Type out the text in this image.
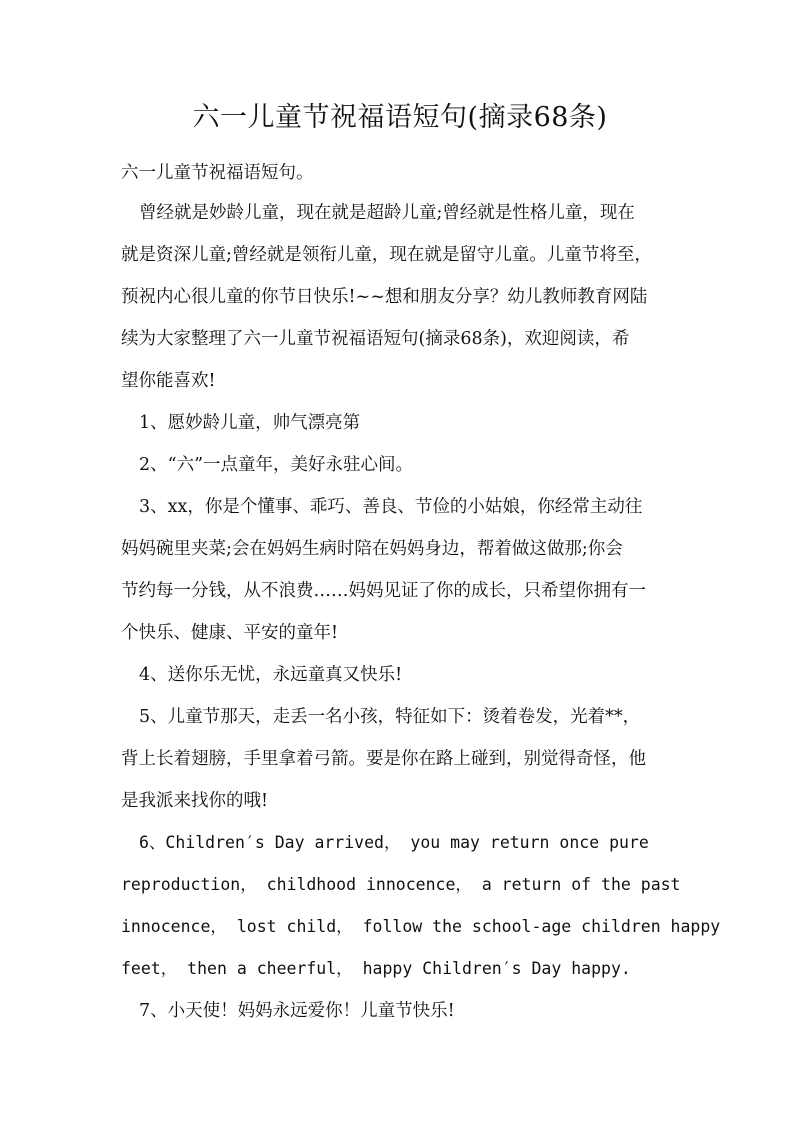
六一儿童节祝福语短句(摘录68条)
六一儿童节祝福语短句。
曾经就是妙龄儿童，现在就是超龄儿童;曾经就是性格儿童，现在
就是资深儿童;曾经就是领衔儿童，现在就是留守儿童。儿童节将至，
预祝内心很儿童的你节日快乐!~~想和朋友分享？幼儿教师教育网陆
续为大家整理了六一儿童节祝福语短句(摘录68条)，欢迎阅读，希
望你能喜欢!
1、愿妙龄儿童，帅气漂亮第
2、“六”一点童年，美好永驻心间。
3、xx，你是个懂事、乖巧、善良、节俭的小姑娘，你经常主动往
妈妈碗里夹菜;会在妈妈生病时陪在妈妈身边，帮着做这做那;你会
节约每一分钱，从不浪费……妈妈见证了你的成长，只希望你拥有一
个快乐、健康、平安的童年!
4、送你乐无忧，永远童真又快乐!
5、儿童节那天，走丢一名小孩，特征如下：烫着卷发，光着**，
背上长着翅膀，手里拿着弓箭。要是你在路上碰到，别觉得奇怪，他
是我派来找你的哦!
6、Children′s Day arrived， you may return once pure
reproduction， childhood innocence， a return of the past
innocence， lost child， follow the school-age children happy
feet， then a cheerful， happy Children′s Day happy.
7、小天使！妈妈永远爱你！儿童节快乐!
